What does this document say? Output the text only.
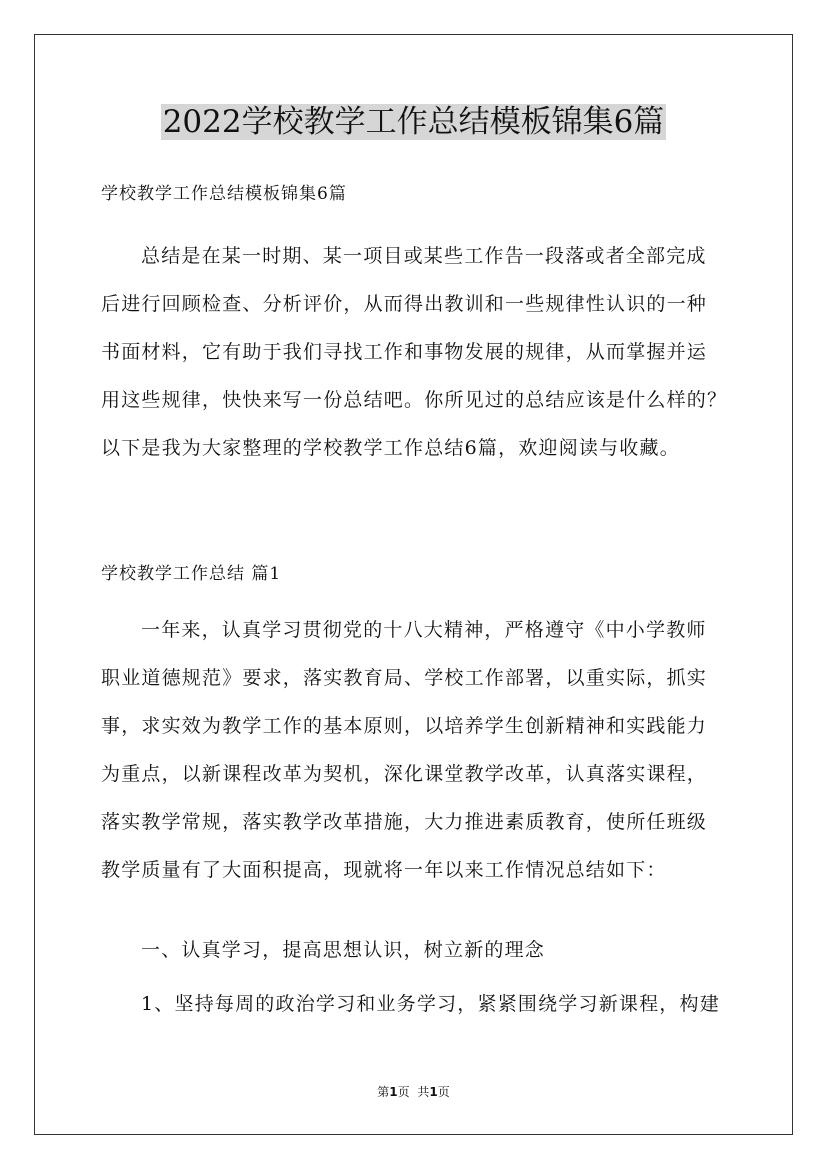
2022学校教学工作总结模板锦集6篇
学校教学工作总结模板锦集6篇
总结是在某一时期、某一项目或某些工作告一段落或者全部完成
后进行回顾检查、分析评价，从而得出教训和一些规律性认识的一种
书面材料，它有助于我们寻找工作和事物发展的规律，从而掌握并运
用这些规律，快快来写一份总结吧。你所见过的总结应该是什么样的？
以下是我为大家整理的学校教学工作总结6篇，欢迎阅读与收藏。
学校教学工作总结 篇1
一年来，认真学习贯彻党的十八大精神，严格遵守《中小学教师
职业道德规范》要求，落实教育局、学校工作部署，以重实际，抓实
事，求实效为教学工作的基本原则，以培养学生创新精神和实践能力
为重点，以新课程改革为契机，深化课堂教学改革，认真落实课程，
落实教学常规，落实教学改革措施，大力推进素质教育，使所任班级
教学质量有了大面积提高，现就将一年以来工作情况总结如下：
一、认真学习，提高思想认识，树立新的理念
1、坚持每周的政治学习和业务学习，紧紧围绕学习新课程，构建
第1页 共1页
